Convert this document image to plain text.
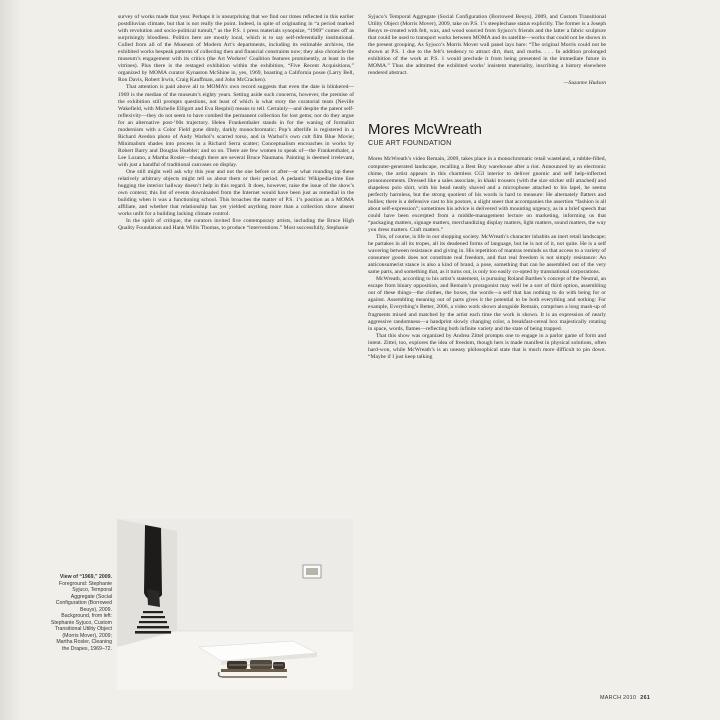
survey of works made that year. Perhaps it is unsurprising that we find our times reflected in this earlier postdiluvian climate, but that is not really the point. Indeed, in spite of originating in “a period marked with revolution and socio-political tumult,” as the P.S. 1 press materials synopsize, “1969” comes off as surprisingly bloodless. Politics here are mostly local, which is to say self-referentially institutional. Culled from all of the Museum of Modern Art’s departments, including its estimable archives, the exhibited works bespeak patterns of collecting then and financial constraints now; they also chronicle the museum’s engagement with its critics (the Art Workers’ Coalition features prominently, at least in the vitrines). Plus there is the restaged exhibition within the exhibition, “Five Recent Acquisitions,” organized by MOMA curator Kynaston McShine in, yes, 1969, boasting a California posse (Larry Bell, Ron Davis, Robert Irwin, Craig Kauffman, and John McCracken).

That attention is paid above all to MOMA’s own record suggests that even the date is blinkered—1969 is the median of the museum’s eighty years. Setting aside such concerns, however, the premise of the exhibition still prompts questions, not least of which is what story the curatorial team (Neville Wakefield, with Michelle Elligott and Eva Respini) means to tell. Certainly—and despite the patent self-reflexivity—they do not seem to have combed the permanent collection for lost gems; nor do they argue for an alternative post-’60s trajectory. Helen Frankenthaler stands in for the waning of formalist modernism with a Color Field gone dimly, darkly monochromatic; Pop’s afterlife is registered in a Richard Avedon photo of Andy Warhol’s scarred torso, and in Warhol’s own cult film Blue Movie; Minimalism shades into process in a Richard Serra scatter; Conceptualism encroaches in works by Robert Barry and Douglas Huebler; and so on. There are few women to speak of—the Frankenthaler, a Lee Lozano, a Martha Rosler—though there are several Bruce Naumans. Painting is deemed irrelevant, with just a handful of traditional canvases on display.

One still might well ask why this year and not the one before or after—or what rounding up these relatively arbitrary objects might tell us about them or their period. A pedantic Wikipedia-time line hugging the interior hallway doesn’t help in this regard. It does, however, raise the issue of the show’s own context; this list of events downloaded from the Internet would have been just as remedial in the building when it was a functioning school. This broaches the matter of P.S. 1’s position as a MOMA affiliate, and whether that relationship has yet yielded anything more than a collection show absent works unfit for a building lacking climate control.

In the spirit of critique, the curators invited five contemporary artists, including the Bruce High Quality Foundation and Hank Willis Thomas, to produce “interventions.” Most successfully, Stephanie

View of “1969,” 2009. Foreground: Stephanie Syjuco, Temporal Aggregate (Social Configuration (Borrowed Beuys), 2009. Background, from left: Stephanie Syjuco, Custom Transitional Utility Object (Morris Mover), 2009; Martha Rosler, Cleaning the Drapes, 1969–72.

Syjuco’s Temporal Aggregate (Social Configuration (Borrowed Beuys), 2009, and Custom Transitional Utility Object (Morris Mover), 2009, take on P.S. 1’s steeplechase status explicitly. The former is a Joseph Beuys re-created with felt, wax, and wood sourced from Syjuco’s friends and the latter a fabric sculpture that could be used to transport works between MOMA and its satellite—works that could not be shown in the present grouping. As Syjuco’s Morris Mover wall panel lays bare: “The original Morris could not be shown at P.S. 1 due to the felt’s tendency to attract dirt, dust, and moths. . . . In addition prolonged exhibition of the work at P.S. 1 would preclude it from being presented in the immediate future in MOMA.” Thus she admitted the exhibited works’ insistent materiality, inscribing a history elsewhere rendered abstract.

—Suzanne Hudson
Mores McWreath
CUE ART FOUNDATION

Mores McWreath’s video Remain, 2009, takes place in a monochromatic retail wasteland, a rubble-filled, computer-generated landscape, recalling a Best Buy warehouse after a riot. Announced by an electronic chime, the artist appears in this charmless CGI interior to deliver gnomic and self help-inflected pronouncements. Dressed like a sales associate, in khaki trousers (with the size sticker still attached) and shapeless polo shirt, with his head neatly shaved and a microphone attached to his lapel, he seems perfectly harmless, but the strong quotient of his words is hard to measure: He alternately flatters and bullies; there is a defensive cast to his posture, a slight sneer that accompanies the assertion “fashion is all about self-expression”; sometimes his advice is delivered with mounting urgency, as in a brief speech that could have been excerpted from a middle-management lecture on marketing, informing us that “packaging matters, signage matters, merchandizing display matters, light matters, sound matters, the way you dress matters. Craft matters.”

This, of course, is life in our shopping society. McWreath’s character inhabits an inert retail landscape; he partakes in all its tropes, all its deadened forms of language, but he is not of it, not quite. He is a self wavering between resistance and giving in. His repetition of mantras reminds us that access to a variety of consumer goods does not constitute real freedom, and that real freedom is not simply resistance: An anticonsumerist stance is also a kind of brand, a pose, something that can be assembled out of the very same parts, and something that, as it turns out, is only too easily co-opted by transnational corporations.

McWreath, according to his artist’s statement, is pursuing Roland Barthes’s concept of the Neutral, an escape from binary opposition, and Remain’s protagonist may well be a sort of third option, assembling out of these things—the clothes, the boxes, the words—a self that has nothing to do with being for or against. Assembling meaning out of parts gives it the potential to be both everything and nothing: For example, Everything’s Better, 2006, a video work shown alongside Remain, comprises a long mash-up of fragments mixed and matched by the artist each time the work is shown. It is an expression of nearly aggressive randomness—a handprint slowly changing color, a breakfast-cereal box majestically rotating in space, words, flames—reflecting both infinite variety and the state of being trapped.

That this show was organized by Andrea Zittel prompts one to engage in a parlor game of form and intent. Zittel, too, explores the idea of freedom, though hers is made manifest in physical solutions, often hard-won, while McWreath’s is an uneasy philosophical state that is much more difficult to pin down. “Maybe if I just keep talking

MARCH 2010 261
